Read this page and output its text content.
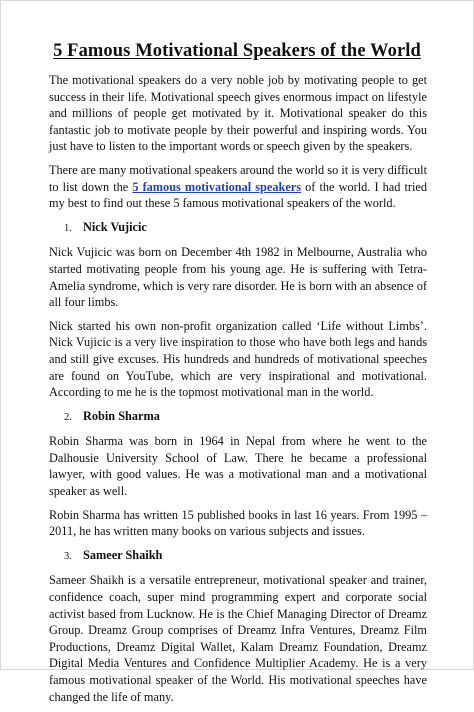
5 Famous Motivational Speakers of the World

The motivational speakers do a very noble job by motivating people to get success in their life. Motivational speech gives enormous impact on lifestyle and millions of people get motivated by it. Motivational speaker do this fantastic job to motivate people by their powerful and inspiring words. You just have to listen to the important words or speech given by the speakers.

There are many motivational speakers around the world so it is very difficult to list down the 5 famous motivational speakers of the world. I had tried my best to find out these 5 famous motivational speakers of the world.

1. Nick Vujicic

Nick Vujicic was born on December 4th 1982 in Melbourne, Australia who started motivating people from his young age. He is suffering with Tetra-Amelia syndrome, which is very rare disorder. He is born with an absence of all four limbs.

Nick started his own non-profit organization called ‘Life without Limbs’. Nick Vujicic is a very live inspiration to those who have both legs and hands and still give excuses. His hundreds and hundreds of motivational speeches are found on YouTube, which are very inspirational and motivational. According to me he is the topmost motivational man in the world.

2. Robin Sharma

Robin Sharma was born in 1964 in Nepal from where he went to the Dalhousie University School of Law. There he became a professional lawyer, with good values. He was a motivational man and a motivational speaker as well.

Robin Sharma has written 15 published books in last 16 years. From 1995 – 2011, he has written many books on various subjects and issues.

3. Sameer Shaikh

Sameer Shaikh is a versatile entrepreneur, motivational speaker and trainer, confidence coach, super mind programming expert and corporate social activist based from Lucknow. He is the Chief Managing Director of Dreamz Group. Dreamz Group comprises of Dreamz Infra Ventures, Dreamz Film Productions, Dreamz Digital Wallet, Kalam Dreamz Foundation, Dreamz Digital Media Ventures and Confidence Multiplier Academy. He is a very famous motivational speaker of the World. His motivational speeches have changed the life of many.
